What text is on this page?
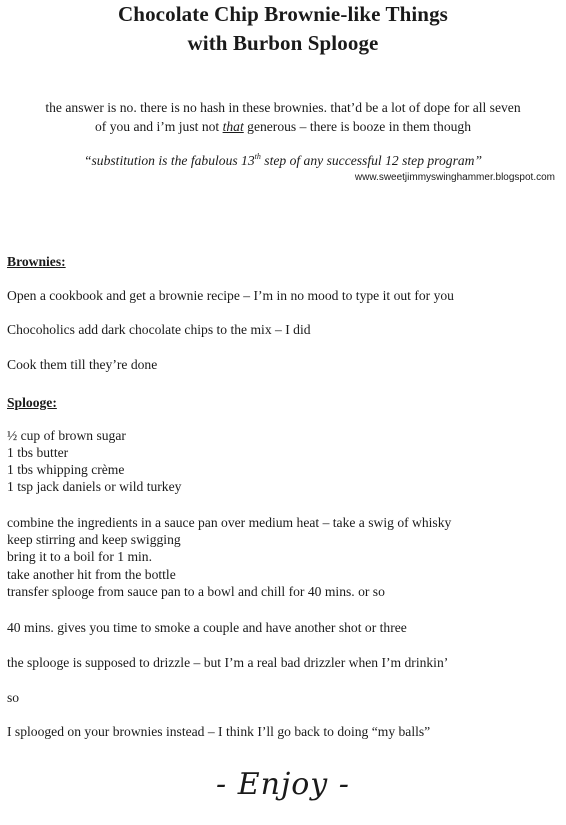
Chocolate Chip Brownie-like Things
with Burbon Splooge
the answer is no. there is no hash in these brownies. that’d be a lot of dope for all seven
of you and i’m just not that generous – there is booze in them though
“substitution is the fabulous 13th step of any successful 12 step program”
www.sweetjimmyswinghammer.blogspot.com
Brownies:
Open a cookbook and get a brownie recipe – I’m in no mood to type it out for you
Chocoholics add dark chocolate chips to the mix – I did
Cook them till they’re done
Splooge:
½ cup of brown sugar
1 tbs butter
1 tbs whipping crème
1 tsp jack daniels or wild turkey
combine the ingredients in a sauce pan over medium heat – take a swig of whisky
keep stirring and keep swigging
bring it to a boil for 1 min.
take another hit from the bottle
transfer splooge from sauce pan to a bowl and chill for 40 mins. or so
40 mins. gives you time to smoke a couple and have another shot or three
the splooge is supposed to drizzle – but I’m a real bad drizzler when I’m drinkin’
so
I splooged on your brownies instead – I think I’ll go back to doing “my balls”
- Enjoy -
